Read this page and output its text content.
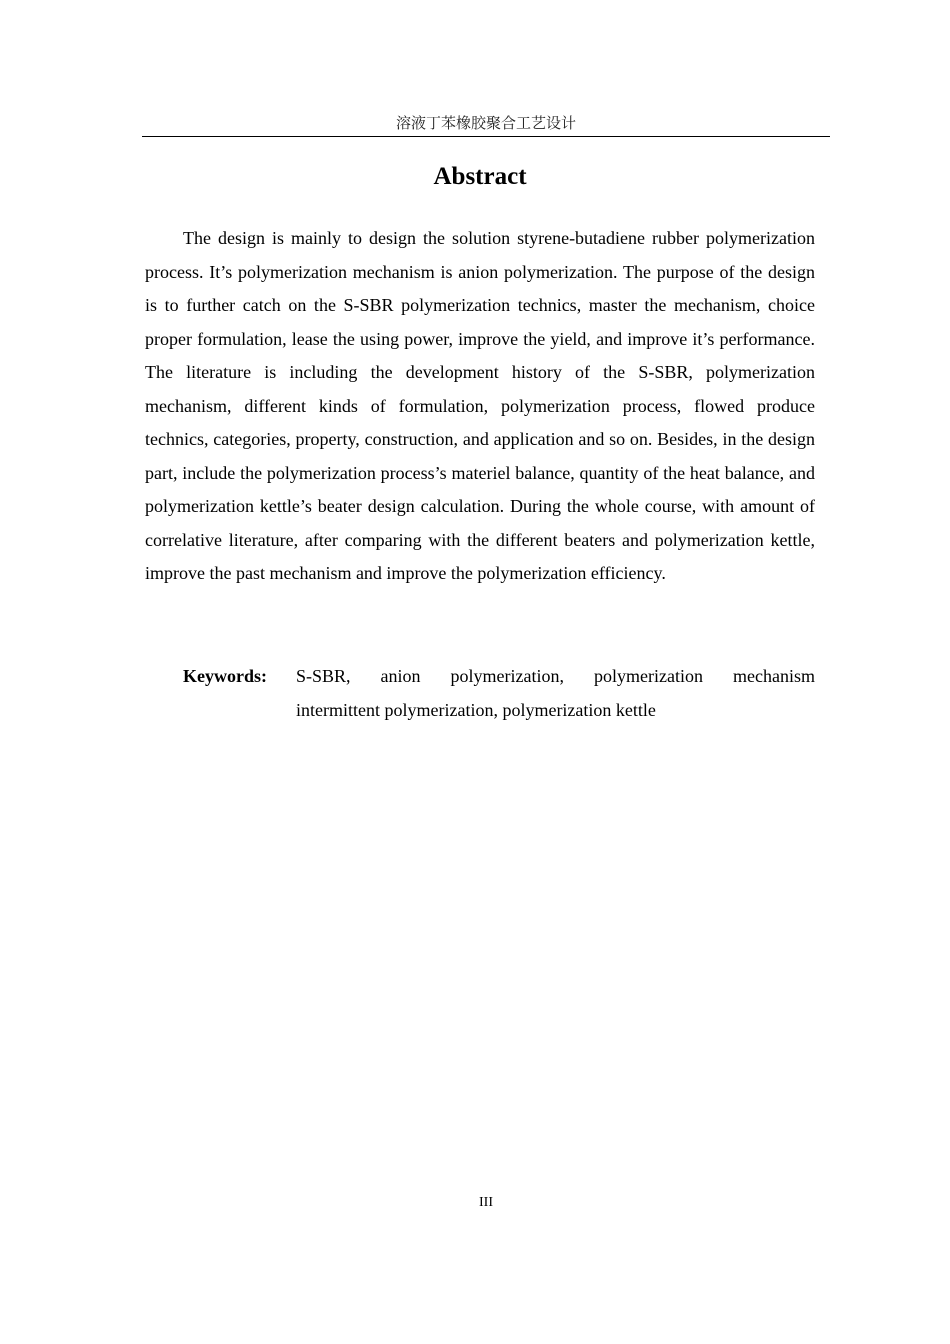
溶液丁苯橡胶聚合工艺设计
Abstract

The design is mainly to design the solution styrene-butadiene rubber polymerization process. It’s polymerization mechanism is anion polymerization. The purpose of the design is to further catch on the S-SBR polymerization technics, master the mechanism, choice proper formulation, lease the using power, improve the yield, and improve it’s performance. The literature is including the development history of the S-SBR, polymerization mechanism, different kinds of formulation, polymerization process, flowed produce technics, categories, property, construction, and application and so on. Besides, in the design part, include the polymerization process’s materiel balance, quantity of the heat balance, and polymerization kettle’s beater design calculation. During the whole course, with amount of correlative literature, after comparing with the different beaters and polymerization kettle, improve the past mechanism and improve the polymerization efficiency.

Keywords:	S-SBR, anion polymerization, polymerization mechanism
intermittent polymerization, polymerization kettle
III
